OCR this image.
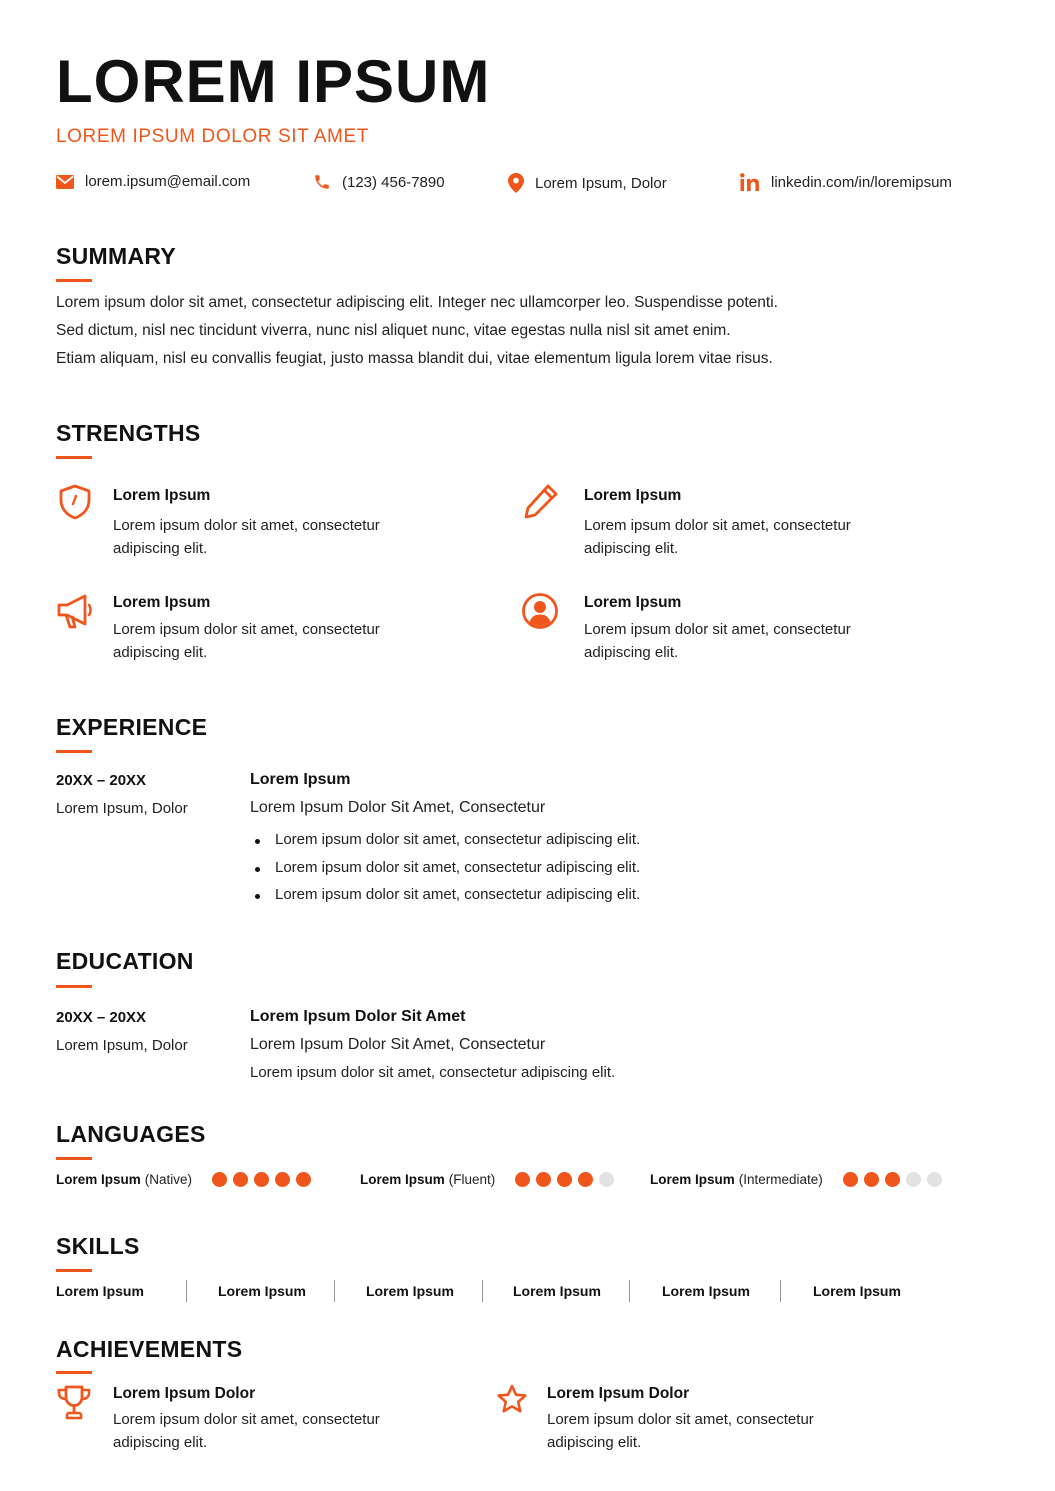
LOREM IPSUM
LOREM IPSUM DOLOR SIT AMET
lorem.ipsum@email.com	(123) 456-7890	Lorem Ipsum, Dolor	linkedin.com/in/loremipsum
SUMMARY
Lorem ipsum dolor sit amet, consectetur adipiscing elit. Integer nec ullamcorper leo. Suspendisse potenti.
Sed dictum, nisl nec tincidunt viverra, nunc nisl aliquet nunc, vitae egestas nulla nisl sit amet enim.
Etiam aliquam, nisl eu convallis feugiat, justo massa blandit dui, vitae elementum ligula lorem vitae risus.
STRENGTHS
Lorem Ipsum
Lorem ipsum dolor sit amet, consectetur adipiscing elit.
Lorem Ipsum
Lorem ipsum dolor sit amet, consectetur adipiscing elit.
Lorem Ipsum
Lorem ipsum dolor sit amet, consectetur adipiscing elit.
Lorem Ipsum
Lorem ipsum dolor sit amet, consectetur adipiscing elit.
EXPERIENCE
20XX – 20XX
Lorem Ipsum, Dolor
Lorem Ipsum
Lorem Ipsum Dolor Sit Amet, Consectetur
Lorem ipsum dolor sit amet, consectetur adipiscing elit.
Lorem ipsum dolor sit amet, consectetur adipiscing elit.
Lorem ipsum dolor sit amet, consectetur adipiscing elit.
EDUCATION
20XX – 20XX
Lorem Ipsum, Dolor
Lorem Ipsum Dolor Sit Amet
Lorem Ipsum Dolor Sit Amet, Consectetur
Lorem ipsum dolor sit amet, consectetur adipiscing elit.
LANGUAGES
Lorem Ipsum (Native)	Lorem Ipsum (Fluent)	Lorem Ipsum (Intermediate)
SKILLS
Lorem Ipsum	Lorem Ipsum	Lorem Ipsum	Lorem Ipsum	Lorem Ipsum	Lorem Ipsum
ACHIEVEMENTS
Lorem Ipsum Dolor
Lorem ipsum dolor sit amet, consectetur adipiscing elit.
Lorem Ipsum Dolor
Lorem ipsum dolor sit amet, consectetur adipiscing elit.
